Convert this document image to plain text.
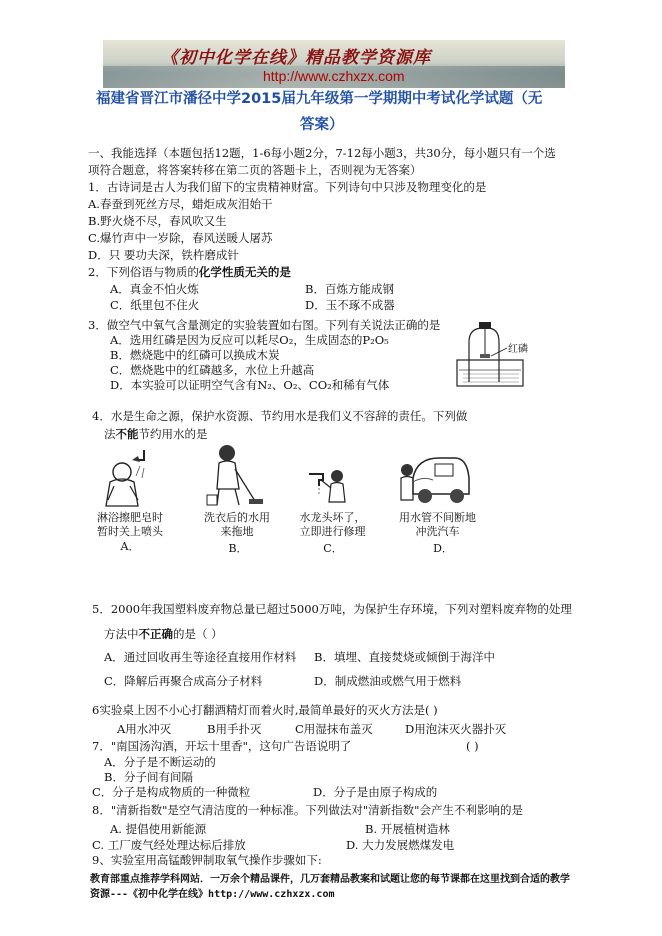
《初中化学在线》精品教学资源库
http://www.czhxzx.com
福建省晋江市潘径中学2015届九年级第一学期期中考试化学试题（无
答案）
一、我能选择（本题包括12题，1-6每小题2分，7-12每小题3，共30分，每小题只有一个选
项符合题意，将答案转移在第二页的答题卡上，否则视为无答案）
1．古诗词是古人为我们留下的宝贵精神财富。下列诗句中只涉及物理变化的是
A.春蚕到死丝方尽，蜡炬成灰泪始干
B.野火烧不尽，春风吹又生
C.爆竹声中一岁除，春风送暖人屠苏
D．只 要功夫深，铁杵磨成针
2．下列俗语与物质的化学性质无关的是
A．真金不怕火炼	B．百炼方能成钢
C．纸里包不住火	D．玉不琢不成器
3．做空气中氧气含量测定的实验装置如右图。下列有关说法正确的是
A．选用红磷是因为反应可以耗尽O₂，生成固态的P₂O₅
B．燃烧匙中的红磷可以换成木炭
C．燃烧匙中的红磷越多，水位上升越高
D．本实验可以证明空气含有N₂、O₂、CO₂和稀有气体
红磷
4．水是生命之源，保护水资源、节约用水是我们义不容辞的责任。下列做
法不能节约用水的是
淋浴擦肥皂时
暂时关上喷头
A．
洗衣后的水用
来拖地
B．
水龙头坏了，
立即进行修理
用水管不间断地
冲洗汽车
5．2000年我国塑料废弃物总量已超过5000万吨，为保护生存环境，下列对塑料废弃物的处理
方法中不正确的是（ ）
A．通过回收再生等途径直接用作材料 B．填埋、直接焚烧或倾倒于海洋中
C．降解后再聚合成高分子材料	D．制成燃油或燃气用于燃料
6实验桌上因不小心打翻酒精灯而着火时,最简单最好的灭火方法是( )
A用水冲灭	B用手扑灭	C用湿抹布盖灭	D用泡沫灭火器扑灭
7．"南国汤沟酒，开坛十里香"，这句广告语说明了	( )
A．分子是不断运动的
B．分子间有间隔
C．分子是构成物质的一种微粒	D．分子是由原子构成的
8．"清新指数"是空气清洁度的一种标准。下列做法对"清新指数"会产生不利影响的是
A. 提倡使用新能源	B. 开展植树造林
C. 工厂废气经处理达标后排放	D. 大力发展燃煤发电
9、实验室用高锰酸钾制取氧气操作步骤如下:
教育部重点推荐学科网站．一万余个精品课件，几万套精品教案和试题让您的每节课都在这里找到合适的教学
资源---《初中化学在线》http://www.czhxzx.com
C．	D．
